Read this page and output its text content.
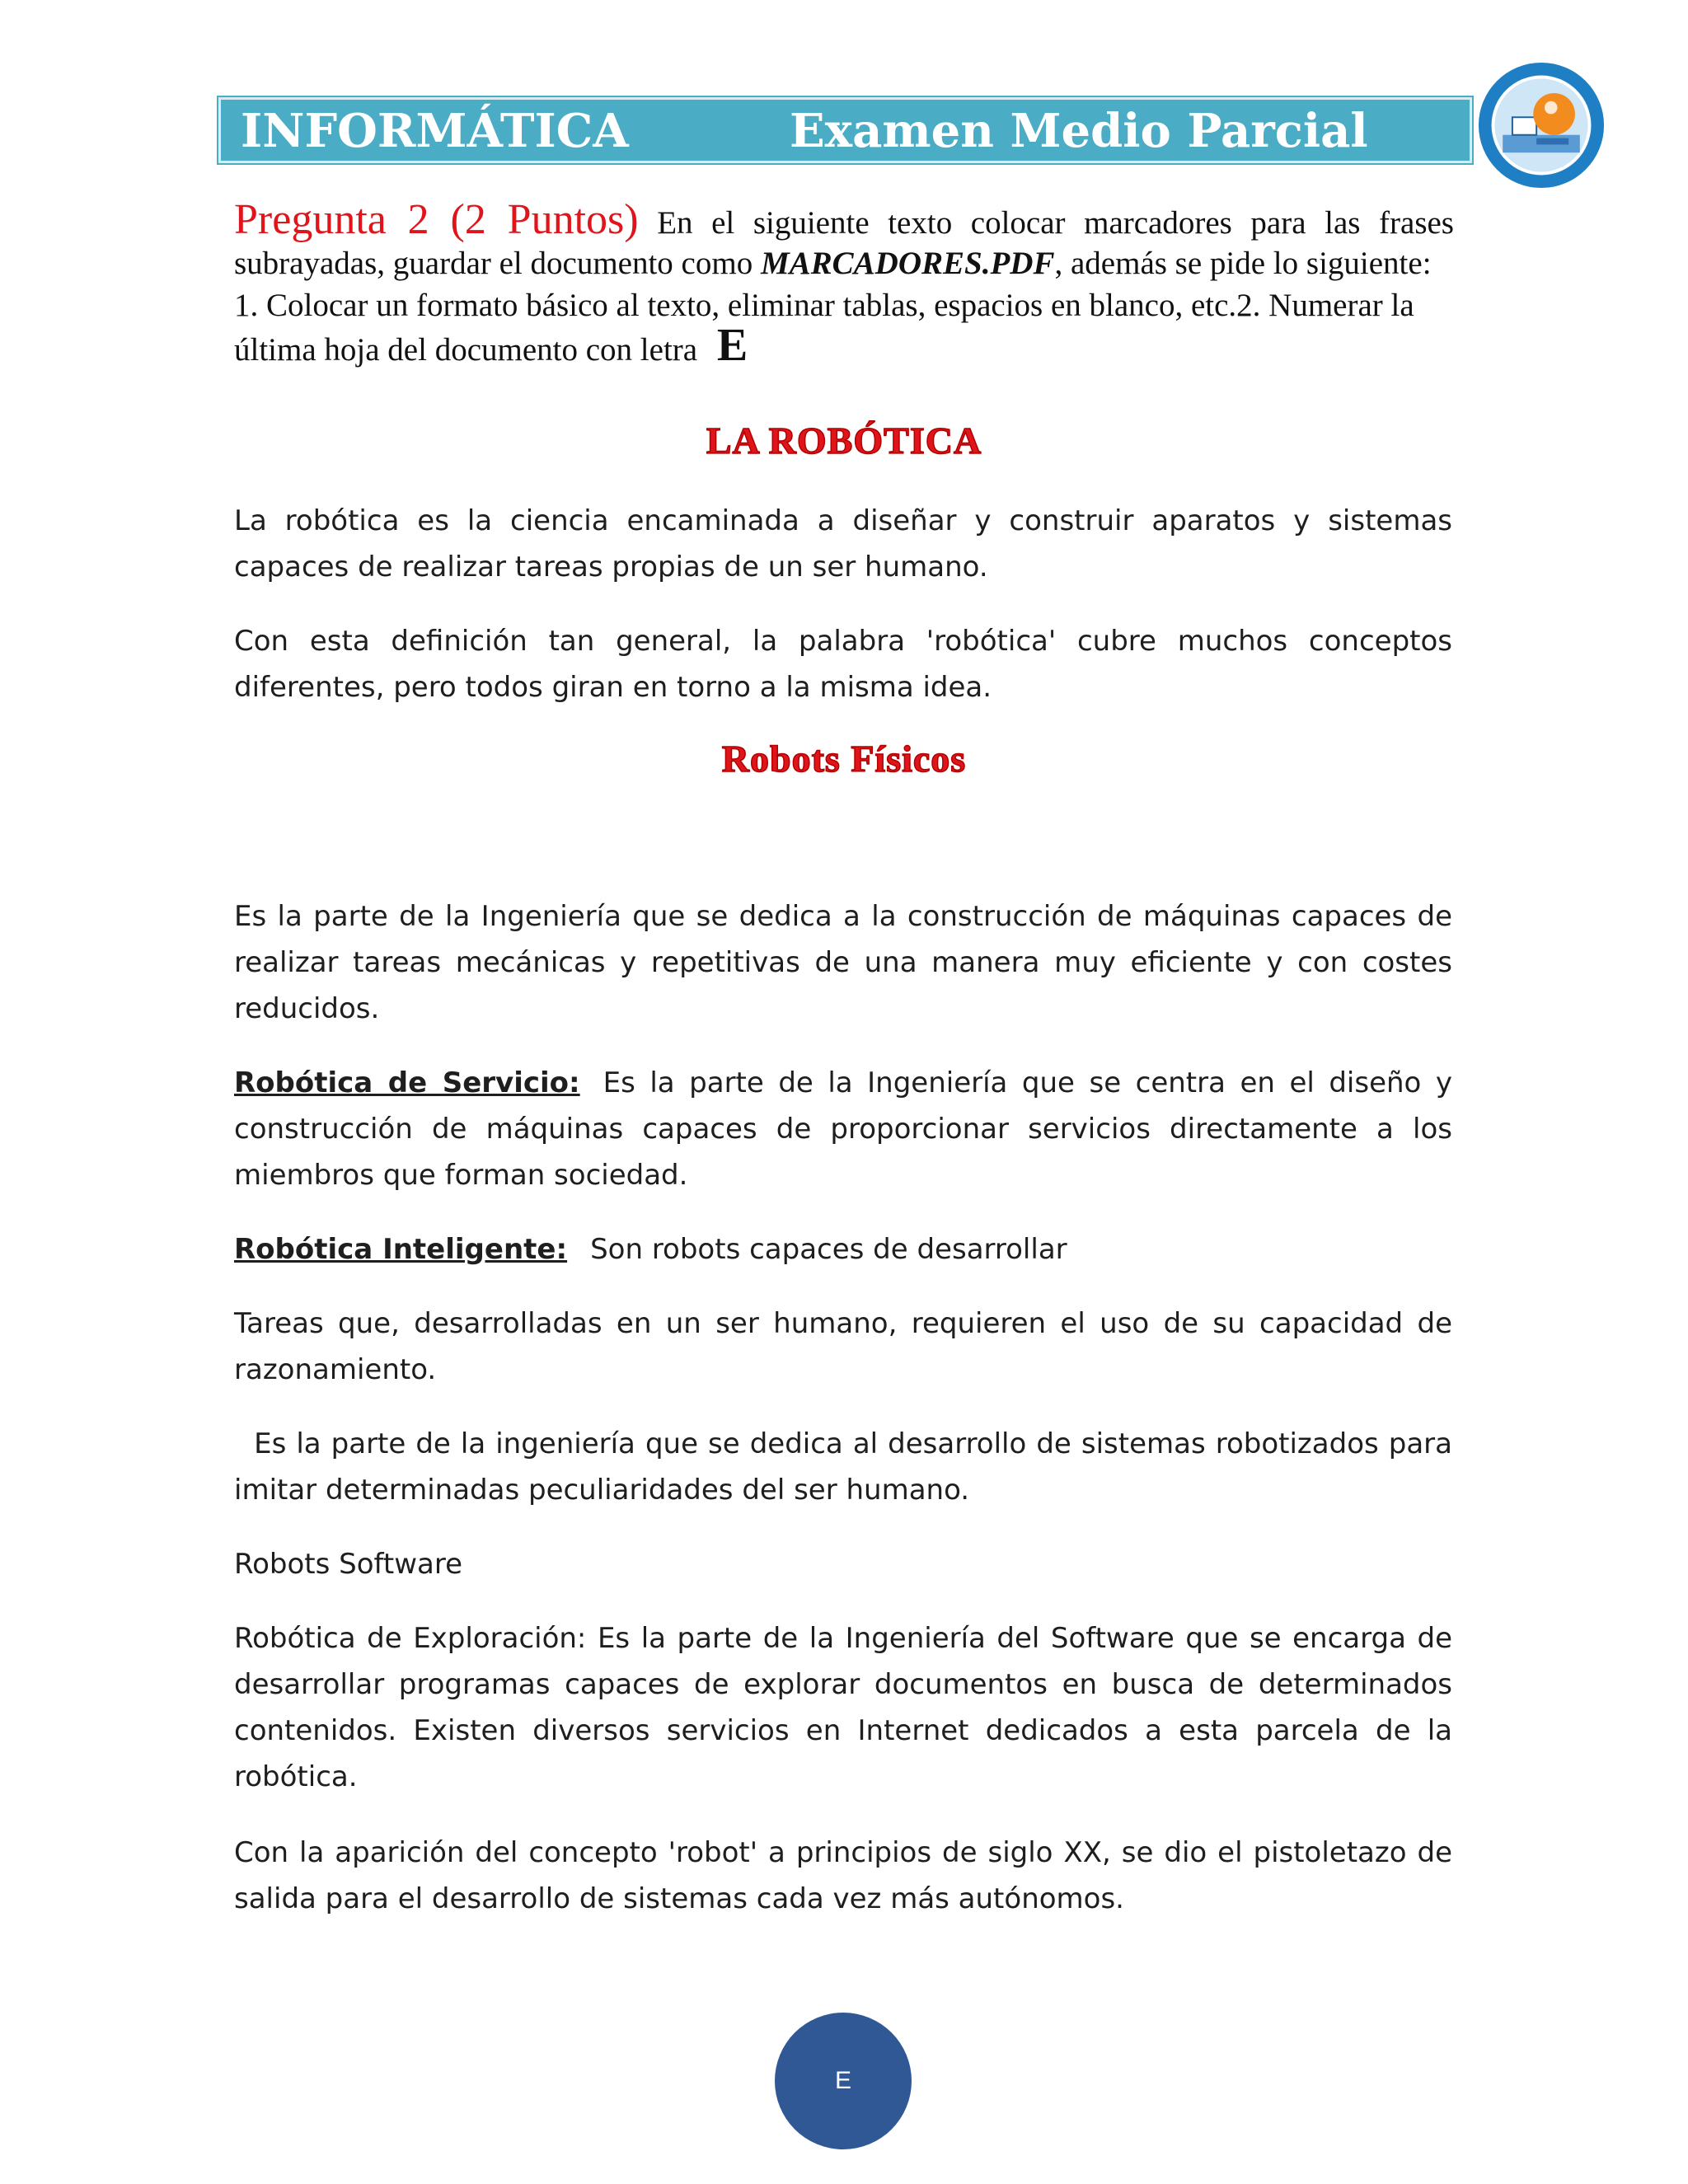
INFORMÁTICA	Examen Medio Parcial

Pregunta 2 (2 Puntos) En el siguiente texto colocar marcadores para las frases subrayadas, guardar el documento como MARCADORES.PDF, además se pide lo siguiente:

1. Colocar un formato básico al texto, eliminar tablas, espacios en blanco, etc.2. Numerar la última hoja del documento con letra E

LA ROBÓTICA

La robótica es la ciencia encaminada a diseñar y construir aparatos y sistemas capaces de realizar tareas propias de un ser humano.

Con esta definición tan general, la palabra 'robótica' cubre muchos conceptos diferentes, pero todos giran en torno a la misma idea.

Robots Físicos

Es la parte de la Ingeniería que se dedica a la construcción de máquinas capaces de realizar tareas mecánicas y repetitivas de una manera muy eficiente y con costes reducidos.

Robótica de Servicio: Es la parte de la Ingeniería que se centra en el diseño y construcción de máquinas capaces de proporcionar servicios directamente a los miembros que forman sociedad.

Robótica Inteligente: Son robots capaces de desarrollar

Tareas que, desarrolladas en un ser humano, requieren el uso de su capacidad de razonamiento.

Es la parte de la ingeniería que se dedica al desarrollo de sistemas robotizados para imitar determinadas peculiaridades del ser humano.

Robots Software

Robótica de Exploración: Es la parte de la Ingeniería del Software que se encarga de desarrollar programas capaces de explorar documentos en busca de determinados contenidos. Existen diversos servicios en Internet dedicados a esta parcela de la robótica.

Con la aparición del concepto 'robot' a principios de siglo XX, se dio el pistoletazo de salida para el desarrollo de sistemas cada vez más autónomos.

E
